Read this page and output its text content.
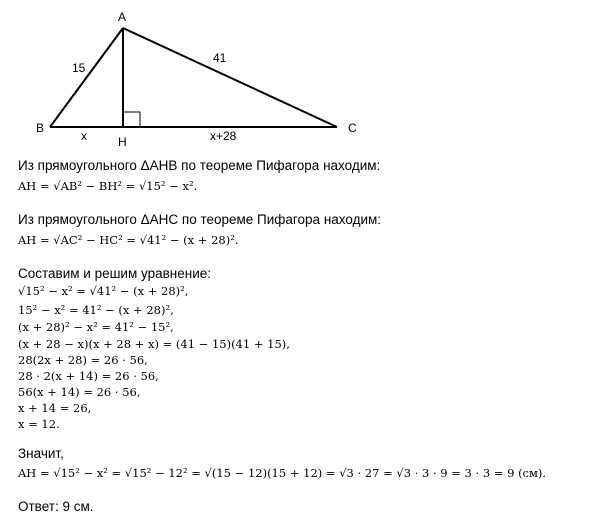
A
B	C
H
15
41
x	x+28
Из прямоугольного ΔАНВ по теореме Пифагора находим:
AH = √AB² − BH² = √15² − x².
Из прямоугольного ΔАНС по теореме Пифагора находим:
AH = √AC² − HC² = √41² − (x + 28)².
Составим и решим уравнение:
√15² − x² = √41² − (x + 28)²,
15² − x² = 41² − (x + 28)²,
(x + 28)² − x² = 41² − 15²,
(x + 28 − x)(x + 28 + x) = (41 − 15)(41 + 15),
28(2x + 28) = 26 · 56,
28 · 2(x + 14) = 26 · 56,
56(x + 14) = 26 · 56,
x + 14 = 26,
x = 12.
Значит,
AH = √15² − x² = √15² − 12² = √(15 − 12)(15 + 12) = √3 · 27 = √3 · 3 · 9 = 3 · 3 = 9 (см).
Ответ: 9 см.
